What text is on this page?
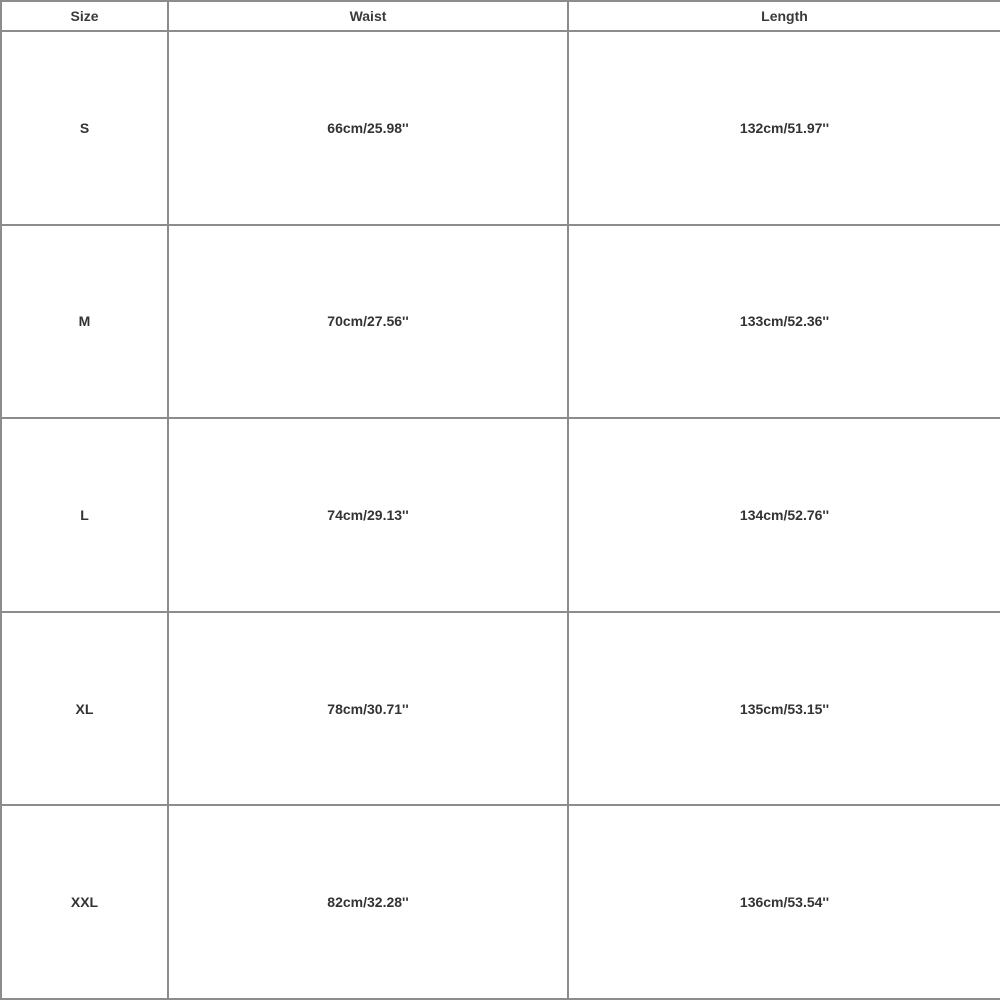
Size	Waist	Length
S	66cm/25.98''	132cm/51.97''
M	70cm/27.56''	133cm/52.36''
L	74cm/29.13''	134cm/52.76''
XL	78cm/30.71''	135cm/53.15''
XXL	82cm/32.28''	136cm/53.54''
